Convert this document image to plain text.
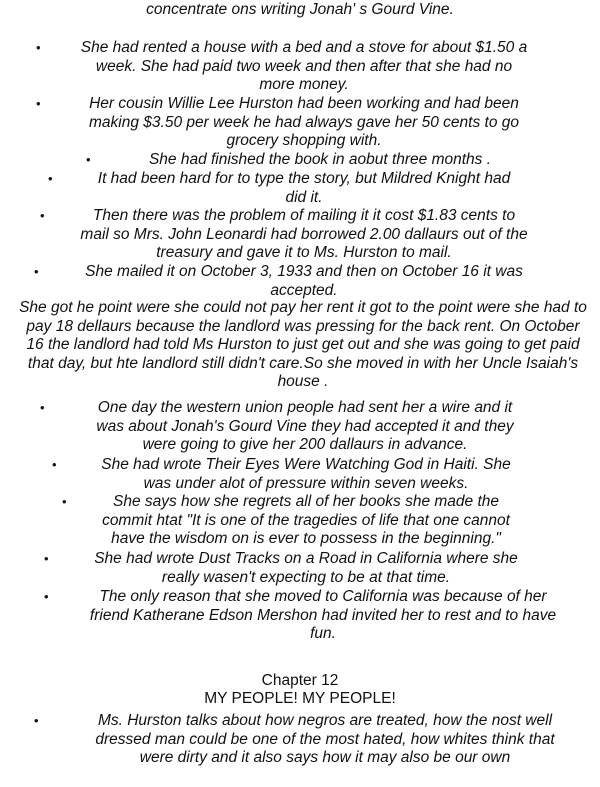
concentrate ons writing Jonah' s Gourd Vine.
•	She had rented a house with a bed and a stove for about $1.50 a week. She had paid two week and then after that she had no more money.
•	Her cousin Willie Lee Hurston had been working and had been making $3.50 per week he had always gave her 50 cents to go grocery shopping with.
•	She had finished the book in aobut three months .
•	It had been hard for to type the story, but Mildred Knight had did it.
•	Then there was the problem of mailing it it cost $1.83 cents to mail so Mrs. John Leonardi had borrowed 2.00 dallaurs out of the treasury and gave it to Ms. Hurston to mail.
•	She mailed it on October 3, 1933 and then on October 16 it was accepted.
She got he point were she could not pay her rent it got to the point were she had to pay 18 dellaurs because the landlord was pressing for the back rent. On October 16 the landlord had told Ms Hurston to just get out and she was going to get paid that day, but hte landlord still didn't care.So she moved in with her Uncle Isaiah's house .
•	One day the western union people had sent her a wire and it was about Jonah's Gourd Vine they had accepted it and they were going to give her 200 dallaurs in advance.
•	She had wrote Their Eyes Were Watching God in Haiti. She was under alot of pressure within seven weeks.
•	She says how she regrets all of her books she made the commit htat "It is one of the tragedies of life that one cannot have the wisdom on is ever to possess in the beginning."
•	She had wrote Dust Tracks on a Road in California where she really wasen't expecting to be at that time.
•	The only reason that she moved to California was because of her friend Katherane Edson Mershon had invited her to rest and to have fun.
Chapter 12
MY PEOPLE! MY PEOPLE!
•	Ms. Hurston talks about how negros are treated, how the nost well dressed man could be one of the most hated, how whites think that were dirty and it also says how it may also be our own
